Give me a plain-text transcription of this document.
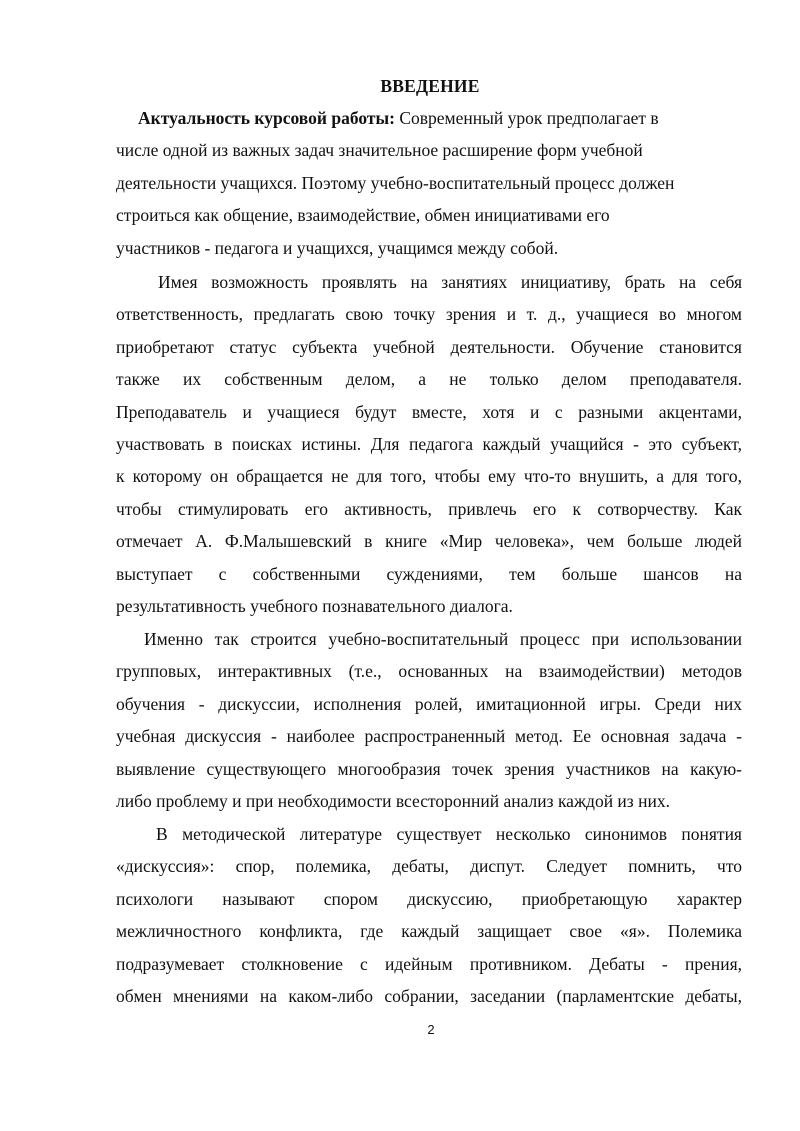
ВВЕДЕНИЕ
Актуальность курсовой работы: Современный урок предполагает в
числе одной из важных задач значительное расширение форм учебной
деятельности учащихся. Поэтому учебно-воспитательный процесс должен
строиться как общение, взаимодействие, обмен инициативами его
участников - педагога и учащихся, учащимся между собой.
Имея возможность проявлять на занятиях инициативу, брать на себя
ответственность, предлагать свою точку зрения и т. д., учащиеся во многом
приобретают статус субъекта учебной деятельности. Обучение становится
также их собственным делом, а не только делом преподавателя.
Преподаватель и учащиеся будут вместе, хотя и с разными акцентами,
участвовать в поисках истины. Для педагога каждый учащийся - это субъект,
к которому он обращается не для того, чтобы ему что-то внушить, а для того,
чтобы стимулировать его активность, привлечь его к сотворчеству. Как
отмечает А. Ф.Малышевский в книге «Мир человека», чем больше людей
выступает с собственными суждениями, тем больше шансов на
результативность учебного познавательного диалога.
Именно так строится учебно-воспитательный процесс при использовании
групповых, интерактивных (т.е., основанных на взаимодействии) методов
обучения - дискуссии, исполнения ролей, имитационной игры. Среди них
учебная дискуссия - наиболее распространенный метод. Ее основная задача -
выявление существующего многообразия точек зрения участников на какую-
либо проблему и при необходимости всесторонний анализ каждой из них.
В методической литературе существует несколько синонимов понятия
«дискуссия»: спор, полемика, дебаты, диспут. Следует помнить, что
психологи называют спором дискуссию, приобретающую характер
межличностного конфликта, где каждый защищает свое «я». Полемика
подразумевает столкновение с идейным противником. Дебаты - прения,
обмен мнениями на каком-либо собрании, заседании (парламентские дебаты,
2
